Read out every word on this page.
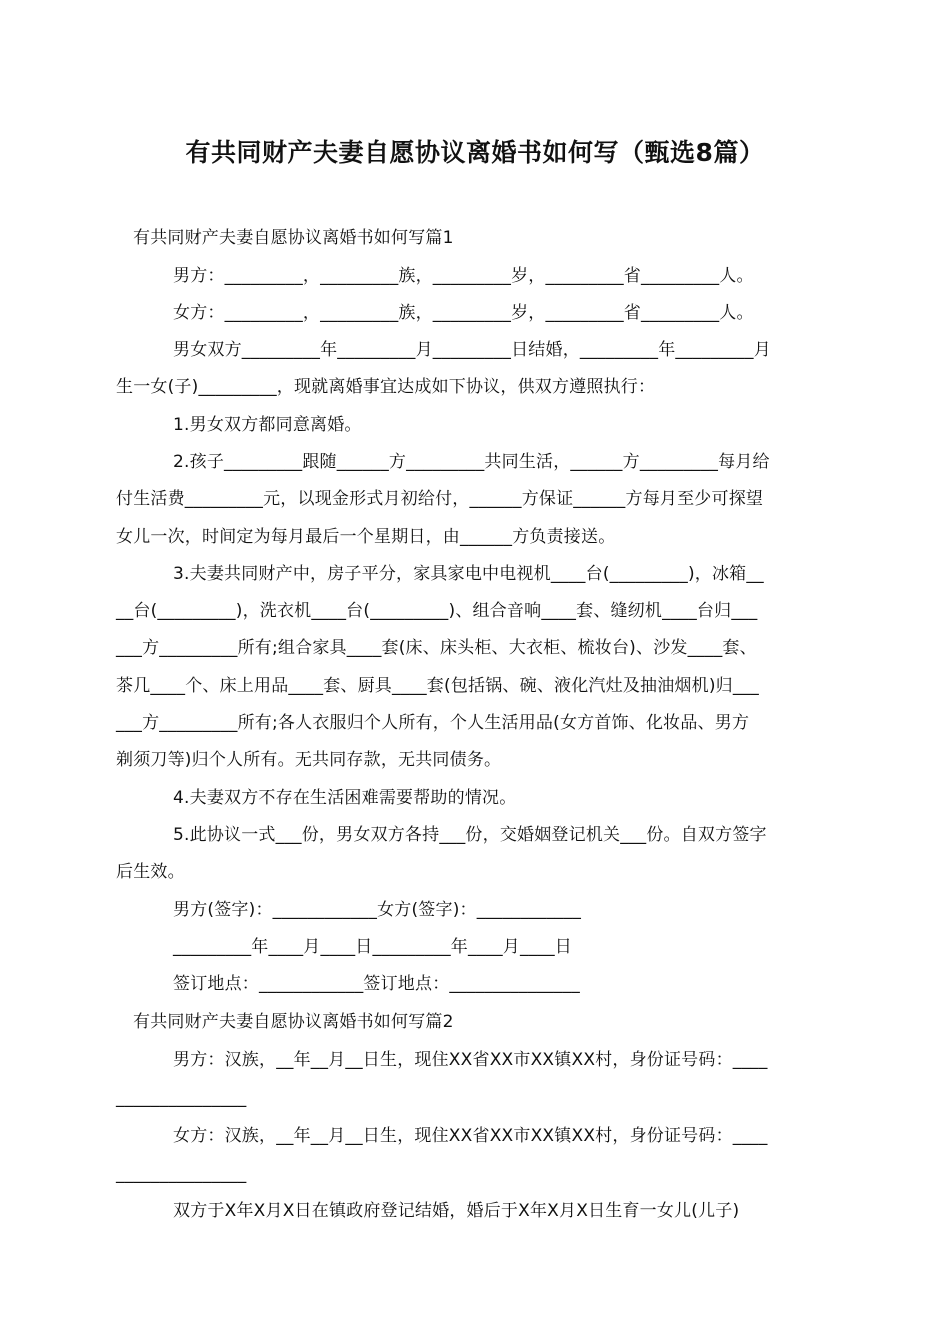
有共同财产夫妻自愿协议离婚书如何写（甄选8篇）
有共同财产夫妻自愿协议离婚书如何写篇1
男方：_________，_________族，_________岁，_________省_________人。
女方：_________，_________族，_________岁，_________省_________人。
男女双方_________年_________月_________日结婚，_________年_________月
生一女(子)_________，现就离婚事宜达成如下协议，供双方遵照执行：
1.男女双方都同意离婚。
2.孩子_________跟随______方_________共同生活，______方_________每月给
付生活费_________元，以现金形式月初给付，______方保证______方每月至少可探望
女儿一次，时间定为每月最后一个星期日，由______方负责接送。
3.夫妻共同财产中，房子平分，家具家电中电视机____台(_________)，冰箱__
__台(_________)，洗衣机____台(_________)、组合音响____套、缝纫机____台归___
___方_________所有;组合家具____套(床、床头柜、大衣柜、梳妆台)、沙发____套、
茶几____个、床上用品____套、厨具____套(包括锅、碗、液化汽灶及抽油烟机)归___
___方_________所有;各人衣服归个人所有，个人生活用品(女方首饰、化妆品、男方
剃须刀等)归个人所有。无共同存款，无共同债务。
4.夫妻双方不存在生活困难需要帮助的情况。
5.此协议一式___份，男女双方各持___份，交婚姻登记机关___份。自双方签字
后生效。
男方(签字)：____________女方(签字)：____________
_________年____月____日_________年____月____日
签订地点：____________签订地点：_______________
有共同财产夫妻自愿协议离婚书如何写篇2
男方：汉族，__年__月__日生，现住XX省XX市XX镇XX村，身份证号码：____
_______________
女方：汉族，__年__月__日生，现住XX省XX市XX镇XX村，身份证号码：____
_______________
双方于X年X月X日在镇政府登记结婚，婚后于X年X月X日生育一女儿(儿子)
